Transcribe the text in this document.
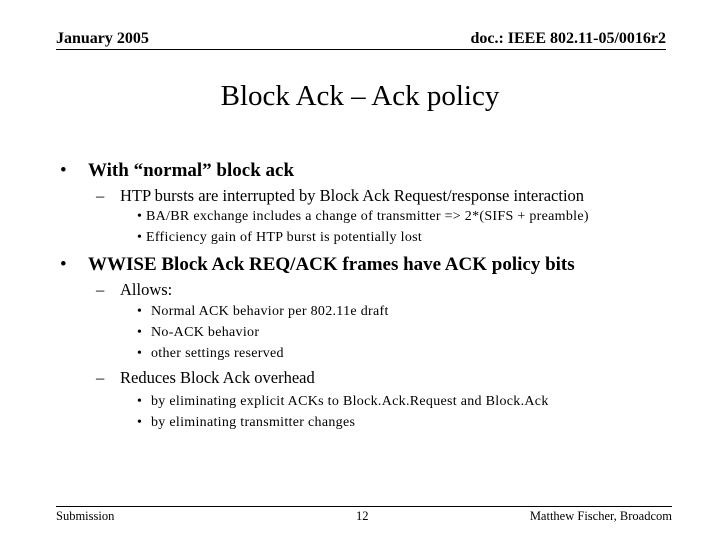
January 2005	doc.: IEEE 802.11-05/0016r2
Block Ack – Ack policy
• With “normal” block ack
– HTP bursts are interrupted by Block Ack Request/response interaction
• BA/BR exchange includes a change of transmitter => 2*(SIFS + preamble)
• Efficiency gain of HTP burst is potentially lost
• WWISE Block Ack REQ/ACK frames have ACK policy bits
– Allows:
• Normal ACK behavior per 802.11e draft
• No-ACK behavior
• other settings reserved
– Reduces Block Ack overhead
• by eliminating explicit ACKs to Block.Ack.Request and Block.Ack
• by eliminating transmitter changes
Submission	12	Matthew Fischer, Broadcom
